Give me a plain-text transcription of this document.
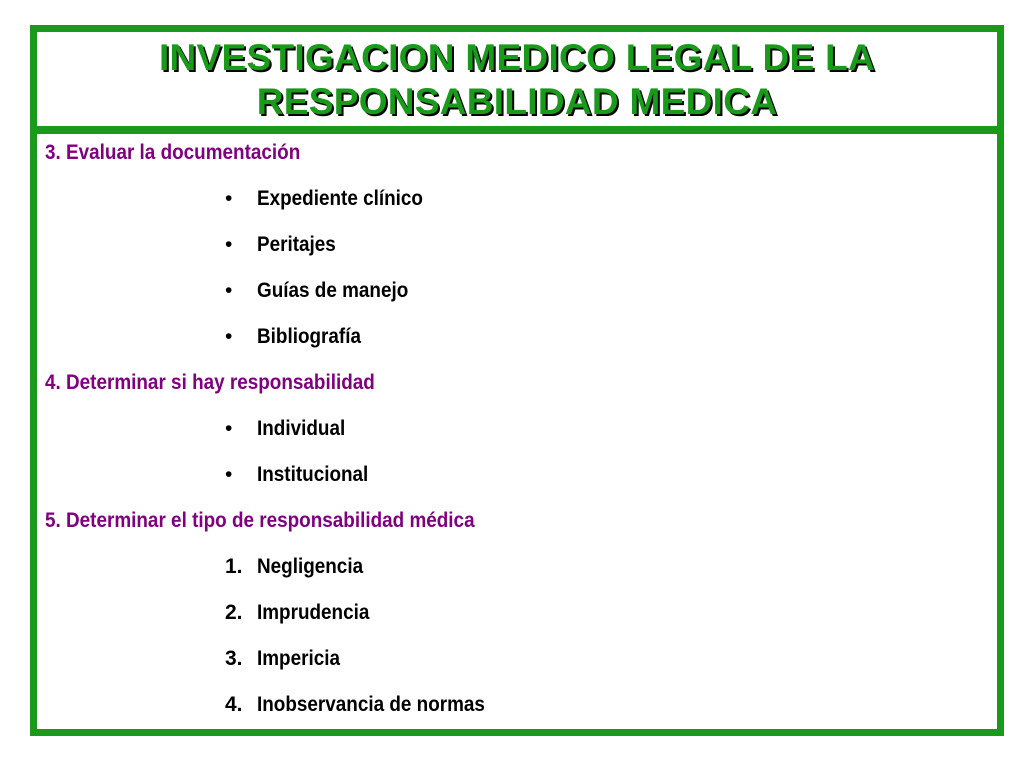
INVESTIGACION MEDICO LEGAL DE LA
RESPONSABILIDAD MEDICA
3. Evaluar la documentación
•	Expediente clínico
•	Peritajes
•	Guías de manejo
•	Bibliografía
4. Determinar si hay responsabilidad
•	Individual
•	Institucional
5. Determinar el tipo de responsabilidad médica
1. Negligencia
2. Imprudencia
3. Impericia
4. Inobservancia de normas
